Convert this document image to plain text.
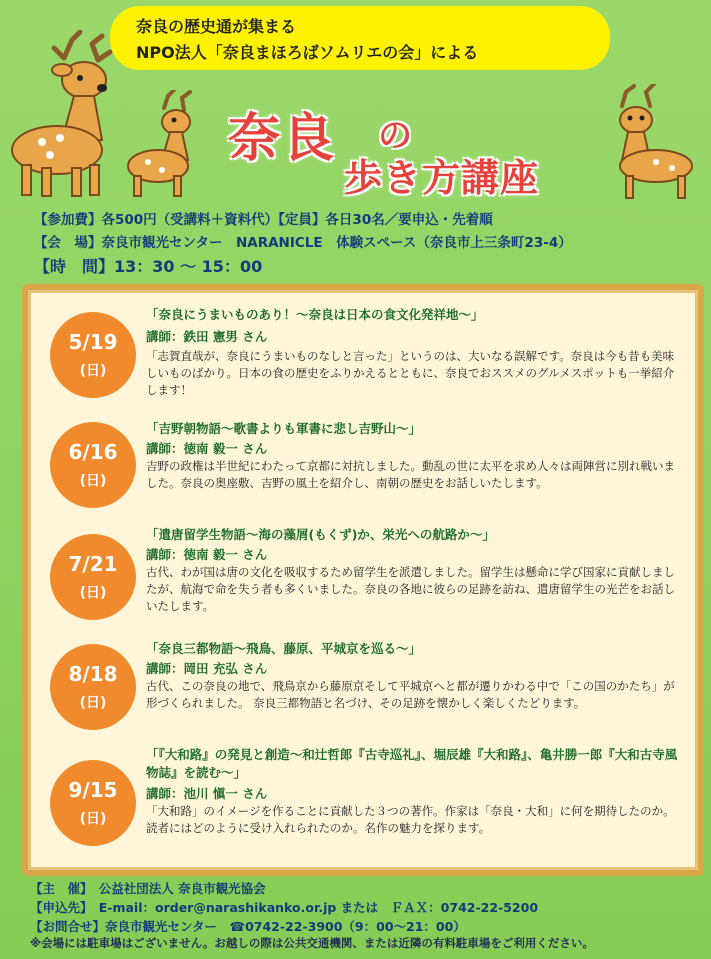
奈良の歴史通が集まる
NPO法人「奈良まほろばソムリエの会」による
奈良 の
歩き方講座
【参加費】各500円（受講料＋資料代）【定員】各日30名／要申込・先着順
【会　場】奈良市観光センター　NARANICLE　体験スペース（奈良市上三条町23-4）
【時　間】13：30 ～ 15：00
5/19
(日)
「奈良にうまいものあり！～奈良は日本の食文化発祥地～」
講師：鉄田 憲男 さん
「志賀直哉が、奈良にうまいものなしと言った」というのは、大いなる誤解です。奈良は今も昔も美味しいものばかり。日本の食の歴史をふりかえるとともに、奈良でおススメのグルメスポットも一挙紹介します！
6/16
(日)
「吉野朝物語～歌書よりも軍書に悲し吉野山～」
講師：徳南 毅一 さん
吉野の政権は半世紀にわたって京都に対抗しました。動乱の世に太平を求め人々は両陣営に別れ戦いました。奈良の奥座敷、吉野の風土を紹介し、南朝の歴史をお話しいたします。
7/21
(日)
「遣唐留学生物語～海の藻屑(もくず)か、栄光への航路か～」
講師：徳南 毅一 さん
古代、わが国は唐の文化を吸収するため留学生を派遣しました。留学生は懸命に学び国家に貢献しましたが、航海で命を失う者も多くいました。奈良の各地に彼らの足跡を訪ね、遣唐留学生の光芒をお話しいたします。
8/18
(日)
「奈良三都物語～飛鳥、藤原、平城京を巡る～」
講師：岡田 充弘 さん
古代、この奈良の地で、飛鳥京から藤原京そして平城京へと都が遷りかわる中で「この国のかたち」が形づくられました。 奈良三都物語と名づけ、その足跡を懐かしく楽しくたどります。
9/15
(日)
「『大和路』の発見と創造～和辻哲郎『古寺巡礼』、堀辰雄『大和路』、亀井勝一郎『大和古寺風物誌』を読む～」
講師：池川 愼一 さん
「大和路」のイメージを作ることに貢献した３つの著作。作家は「奈良・大和」に何を期待したのか。読者にはどのように受け入れられたのか。名作の魅力を探ります。
【主　催】　公益社団法人 奈良市観光協会
【申込先】　E-mail：order@narashikanko.or.jp または　ＦＡＸ：0742-22-5200
【お問合せ】奈良市観光センター　☎0742-22-3900（9：00～21：00）
※会場には駐車場はございません。お越しの際は公共交通機関、または近隣の有料駐車場をご利用ください。
